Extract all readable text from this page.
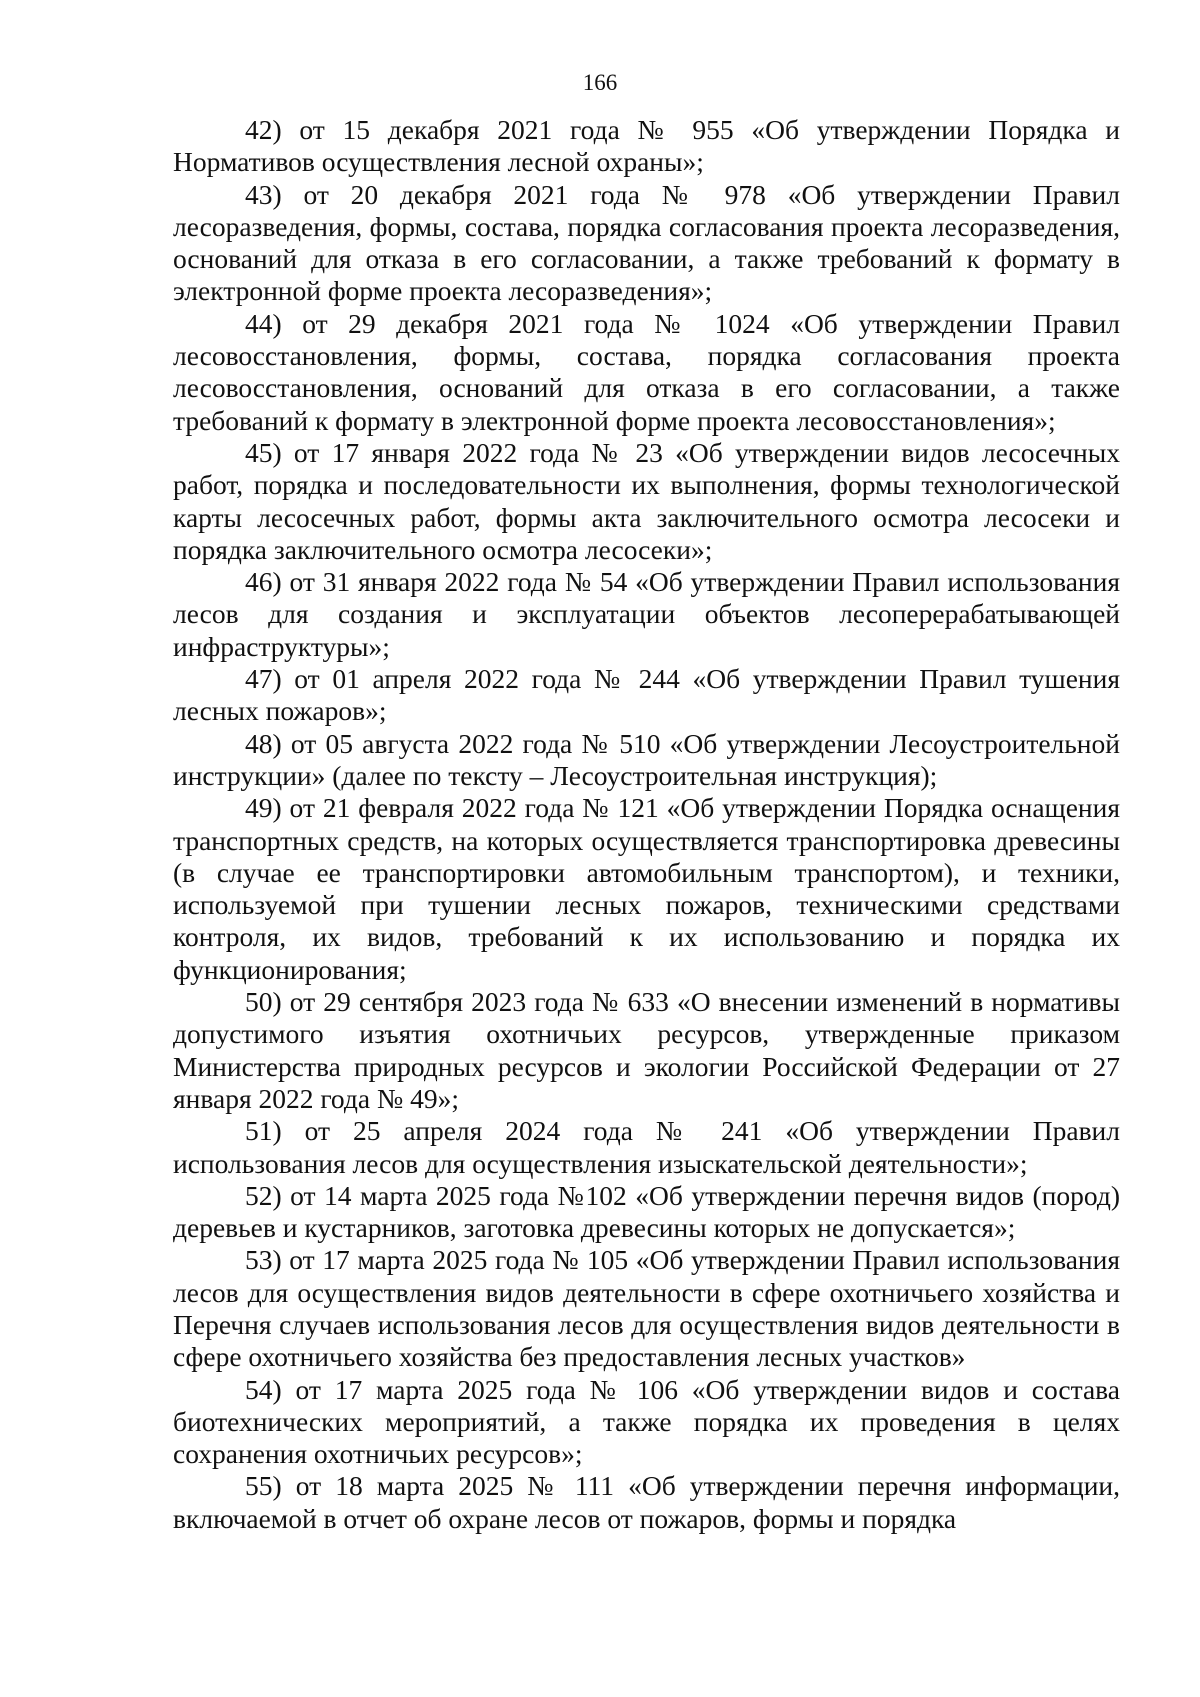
166

42) от 15 декабря 2021 года № 955 «Об утверждении Порядка и Нормативов осуществления лесной охраны»;

43) от 20 декабря 2021 года № 978 «Об утверждении Правил лесоразведения, формы, состава, порядка согласования проекта лесоразведения, оснований для отказа в его согласовании, а также требований к формату в электронной форме проекта лесоразведения»;

44) от 29 декабря 2021 года № 1024 «Об утверждении Правил лесовосстановления, формы, состава, порядка согласования проекта лесовосстановления, оснований для отказа в его согласовании, а также требований к формату в электронной форме проекта лесовосстановления»;

45) от 17 января 2022 года № 23 «Об утверждении видов лесосечных работ, порядка и последовательности их выполнения, формы технологической карты лесосечных работ, формы акта заключительного осмотра лесосеки и порядка заключительного осмотра лесосеки»;

46) от 31 января 2022 года № 54 «Об утверждении Правил использования лесов для создания и эксплуатации объектов лесоперерабатывающей инфраструктуры»;

47) от 01 апреля 2022 года № 244 «Об утверждении Правил тушения лесных пожаров»;

48) от 05 августа 2022 года № 510 «Об утверждении Лесоустроительной инструкции» (далее по тексту – Лесоустроительная инструкция);

49) от 21 февраля 2022 года № 121 «Об утверждении Порядка оснащения транспортных средств, на которых осуществляется транспортировка древесины (в случае ее транспортировки автомобильным транспортом), и техники, используемой при тушении лесных пожаров, техническими средствами контроля, их видов, требований к их использованию и порядка их функционирования;

50) от 29 сентября 2023 года № 633 «О внесении изменений в нормативы допустимого изъятия охотничьих ресурсов, утвержденные приказом Министерства природных ресурсов и экологии Российской Федерации от 27 января 2022 года № 49»;

51) от 25 апреля 2024 года № 241 «Об утверждении Правил использования лесов для осуществления изыскательской деятельности»;

52) от 14 марта 2025 года №102 «Об утверждении перечня видов (пород) деревьев и кустарников, заготовка древесины которых не допускается»;

53) от 17 марта 2025 года № 105 «Об утверждении Правил использования лесов для осуществления видов деятельности в сфере охотничьего хозяйства и Перечня случаев использования лесов для осуществления видов деятельности в сфере охотничьего хозяйства без предоставления лесных участков»

54) от 17 марта 2025 года № 106 «Об утверждении видов и состава биотехнических мероприятий, а также порядка их проведения в целях сохранения охотничьих ресурсов»;

55) от 18 марта 2025 № 111 «Об утверждении перечня информации, включаемой в отчет об охране лесов от пожаров, формы и порядка
